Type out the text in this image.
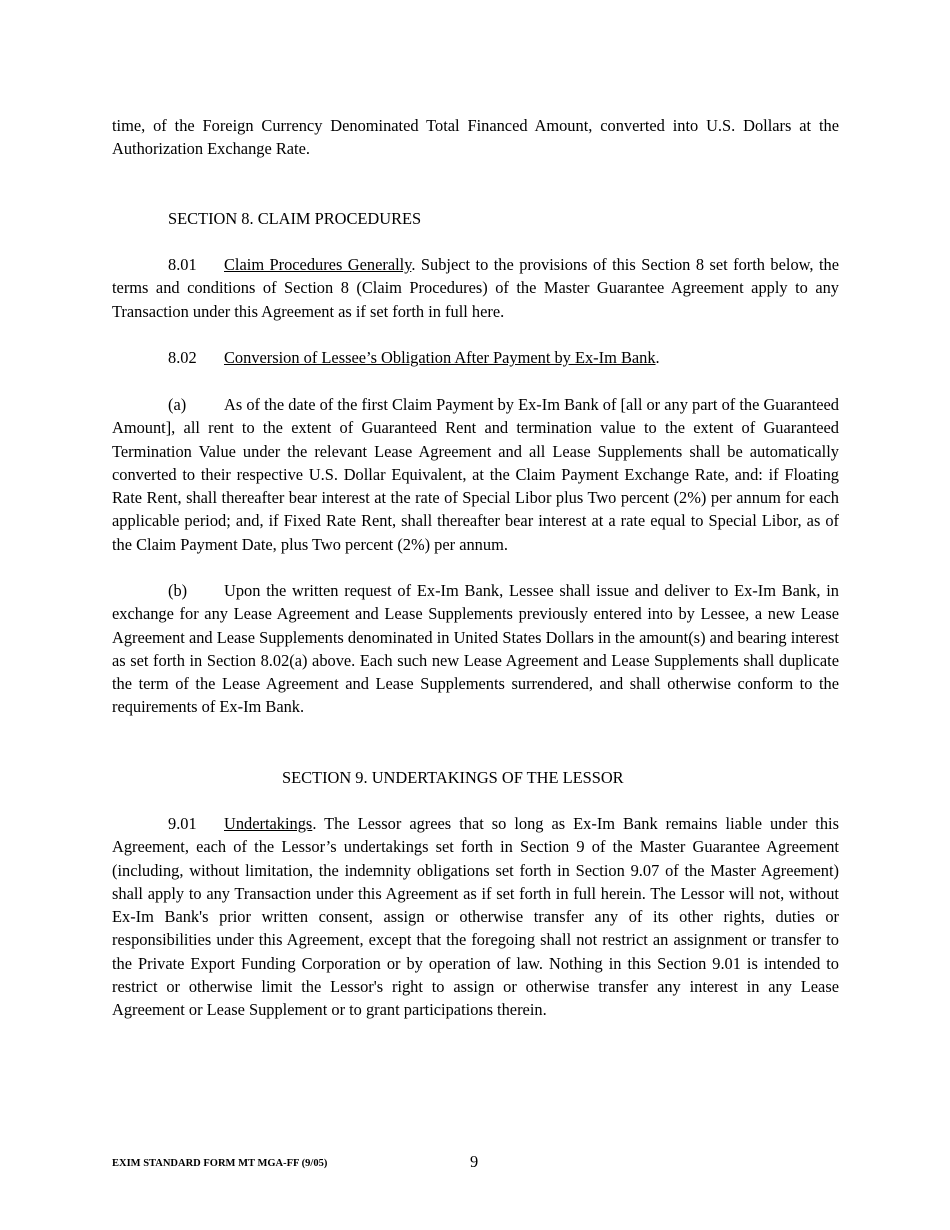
time, of the Foreign Currency Denominated Total Financed Amount, converted into U.S. Dollars at the Authorization Exchange Rate.

SECTION 8. CLAIM PROCEDURES

8.01 Claim Procedures Generally. Subject to the provisions of this Section 8 set forth below, the terms and conditions of Section 8 (Claim Procedures) of the Master Guarantee Agreement apply to any Transaction under this Agreement as if set forth in full here.

8.02 Conversion of Lessee’s Obligation After Payment by Ex-Im Bank.

(a) As of the date of the first Claim Payment by Ex-Im Bank of [all or any part of the Guaranteed Amount], all rent to the extent of Guaranteed Rent and termination value to the extent of Guaranteed Termination Value under the relevant Lease Agreement and all Lease Supplements shall be automatically converted to their respective U.S. Dollar Equivalent, at the Claim Payment Exchange Rate, and: if Floating Rate Rent, shall thereafter bear interest at the rate of Special Libor plus Two percent (2%) per annum for each applicable period; and, if Fixed Rate Rent, shall thereafter bear interest at a rate equal to Special Libor, as of the Claim Payment Date, plus Two percent (2%) per annum.

(b) Upon the written request of Ex-Im Bank, Lessee shall issue and deliver to Ex-Im Bank, in exchange for any Lease Agreement and Lease Supplements previously entered into by Lessee, a new Lease Agreement and Lease Supplements denominated in United States Dollars in the amount(s) and bearing interest as set forth in Section 8.02(a) above. Each such new Lease Agreement and Lease Supplements shall duplicate the term of the Lease Agreement and Lease Supplements surrendered, and shall otherwise conform to the requirements of Ex-Im Bank.

SECTION 9. UNDERTAKINGS OF THE LESSOR

9.01 Undertakings. The Lessor agrees that so long as Ex-Im Bank remains liable under this Agreement, each of the Lessor’s undertakings set forth in Section 9 of the Master Guarantee Agreement (including, without limitation, the indemnity obligations set forth in Section 9.07 of the Master Agreement) shall apply to any Transaction under this Agreement as if set forth in full herein. The Lessor will not, without Ex-Im Bank's prior written consent, assign or otherwise transfer any of its other rights, duties or responsibilities under this Agreement, except that the foregoing shall not restrict an assignment or transfer to the Private Export Funding Corporation or by operation of law. Nothing in this Section 9.01 is intended to restrict or otherwise limit the Lessor's right to assign or otherwise transfer any interest in any Lease Agreement or Lease Supplement or to grant participations therein.

EXIM STANDARD FORM MT MGA-FF (9/05)	9
